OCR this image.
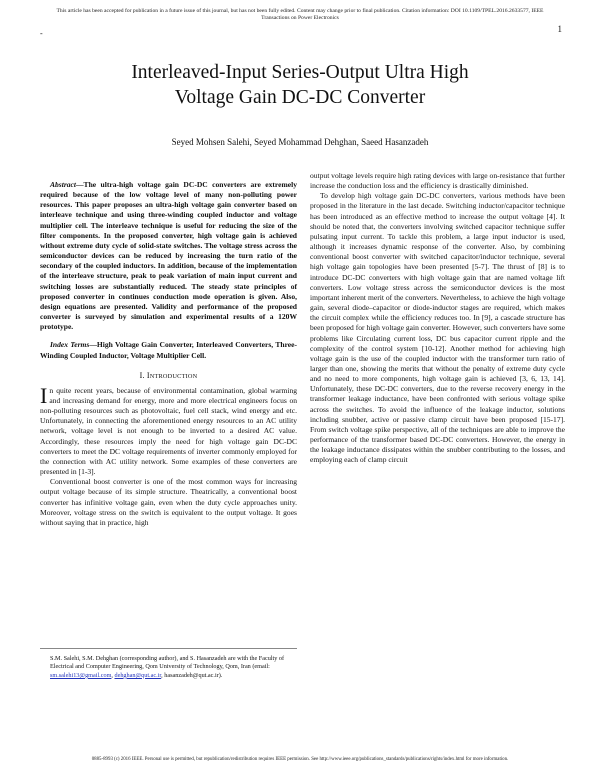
This article has been accepted for publication in a future issue of this journal, but has not been fully edited. Content may change prior to final publication. Citation information: DOI 10.1109/TPEL.2016.2633577, IEEE
Transactions on Power Electronics
-	1
Interleaved-Input Series-Output Ultra High
Voltage Gain DC-DC Converter
Seyed Mohsen Salehi, Seyed Mohammad Dehghan, Saeed Hasanzadeh

Abstract—The ultra-high voltage gain DC-DC converters are extremely required because of the low voltage level of many non-polluting power resources. This paper proposes an ultra-high voltage gain converter based on interleave technique and using three-winding coupled inductor and voltage multiplier cell. The interleave technique is useful for reducing the size of the filter components. In the proposed converter, high voltage gain is achieved without extreme duty cycle of solid-state switches. The voltage stress across the semiconductor devices can be reduced by increasing the turn ratio of the secondary of the coupled inductors. In addition, because of the implementation of the interleave structure, peak to peak variation of main input current and switching losses are substantially reduced. The steady state principles of proposed converter in continues conduction mode operation is given. Also, design equations are presented. Validity and performance of the proposed converter is surveyed by simulation and experimental results of a 120W prototype.

Index Terms—High Voltage Gain Converter, Interleaved Converters, Three-Winding Coupled Inductor, Voltage Multiplier Cell.

I. INTRODUCTION

In quite recent years, because of environmental contamination, global warming and increasing demand for energy, more and more electrical engineers focus on non-polluting resources such as photovoltaic, fuel cell stack, wind energy and etc. Unfortunately, in connecting the aforementioned energy resources to an AC utility network, voltage level is not enough to be inverted to a desired AC value. Accordingly, these resources imply the need for high voltage gain DC-DC converters to meet the DC voltage requirements of inverter commonly employed for the connection with AC utility network. Some examples of these converters are presented in [1-3].

Conventional boost converter is one of the most common ways for increasing output voltage because of its simple structure. Theatrically, a conventional boost converter has infinitive voltage gain, even when the duty cycle approaches unity. Moreover, voltage stress on the switch is equivalent to the output voltage. It goes without saying that in practice, high

S.M. Salehi, S.M. Dehghan (corresponding author), and S. Hasanzadeh are with the Faculty of Electrical and Computer Engineering, Qom University of Technology, Qom, Iran (email: sm.salehi13@gmail.com, dehghan@qut.ac.ir, hasanzadeh@qut.ac.ir).

output voltage levels require high rating devices with large on-resistance that further increase the conduction loss and the efficiency is drastically diminished.

To develop high voltage gain DC-DC converters, various methods have been proposed in the literature in the last decade. Switching inductor/capacitor technique has been introduced as an effective method to increase the output voltage [4]. It should be noted that, the converters involving switched capacitor technique suffer pulsating input current. To tackle this problem, a large input inductor is used, although it increases dynamic response of the converter. Also, by combining conventional boost converter with switched capacitor/inductor technique, several high voltage gain topologies have been presented [5-7]. The thrust of [8] is to introduce DC-DC converters with high voltage gain that are named voltage lift converters. Low voltage stress across the semiconductor devices is the most important inherent merit of the converters. Nevertheless, to achieve the high voltage gain, several diode–capacitor or diode-inductor stages are required, which makes the circuit complex while the efficiency reduces too. In [9], a cascade structure has been proposed for high voltage gain converter. However, such converters have some problems like Circulating current loss, DC bus capacitor current ripple and the complexity of the control system [10-12]. Another method for achieving high voltage gain is the use of the coupled inductor with the transformer turn ratio of larger than one, showing the merits that without the penalty of extreme duty cycle and no need to more components, high voltage gain is achieved [3, 6, 13, 14]. Unfortunately, these DC-DC converters, due to the reverse recovery energy in the transformer leakage inductance, have been confronted with serious voltage spike across the switches. To avoid the influence of the leakage inductor, solutions including snubber, active or passive clamp circuit have been proposed [15-17]. From switch voltage spike perspective, all of the techniques are able to improve the performance of the transformer based DC-DC converters. However, the energy in the leakage inductance dissipates within the snubber contributing to the losses, and employing each of clamp circuit

0885-8993 (c) 2016 IEEE. Personal use is permitted, but republication/redistribution requires IEEE permission. See http://www.ieee.org/publications_standards/publications/rights/index.html for more information.
